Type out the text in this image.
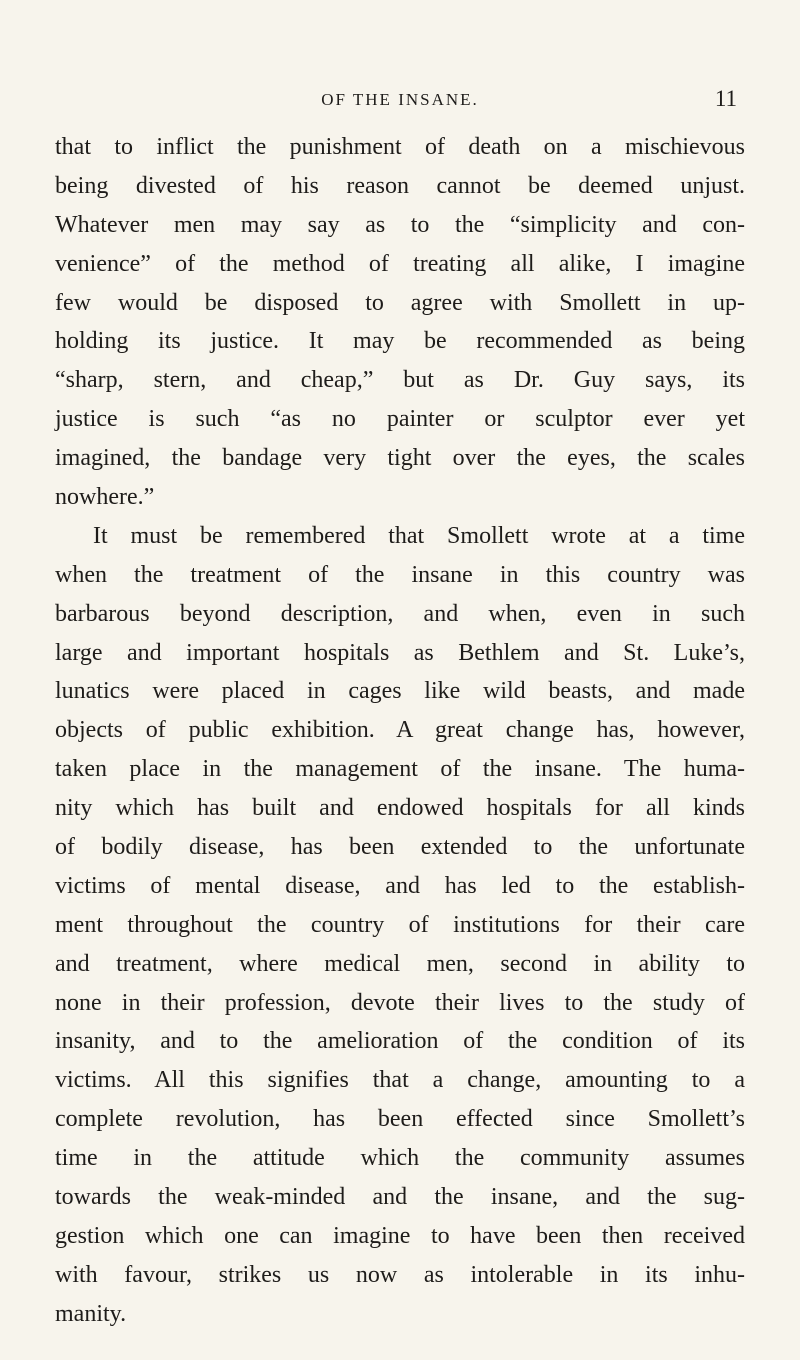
OF THE INSANE.	11
that to inflict the punishment of death on a mischievous
being divested of his reason cannot be deemed unjust.
Whatever men may say as to the “simplicity and con-
venience” of the method of treating all alike, I imagine
few would be disposed to agree with Smollett in up-
holding its justice. It may be recommended as being
“sharp, stern, and cheap,” but as Dr. Guy says, its
justice is such “as no painter or sculptor ever yet
imagined, the bandage very tight over the eyes, the scales
nowhere.”
It must be remembered that Smollett wrote at a time
when the treatment of the insane in this country was
barbarous beyond description, and when, even in such
large and important hospitals as Bethlem and St. Luke’s,
lunatics were placed in cages like wild beasts, and made
objects of public exhibition. A great change has, however,
taken place in the management of the insane. The huma-
nity which has built and endowed hospitals for all kinds
of bodily disease, has been extended to the unfortunate
victims of mental disease, and has led to the establish-
ment throughout the country of institutions for their care
and treatment, where medical men, second in ability to
none in their profession, devote their lives to the study of
insanity, and to the amelioration of the condition of its
victims. All this signifies that a change, amounting to a
complete revolution, has been effected since Smollett’s
time in the attitude which the community assumes
towards the weak-minded and the insane, and the sug-
gestion which one can imagine to have been then received
with favour, strikes us now as intolerable in its inhu-
manity.
